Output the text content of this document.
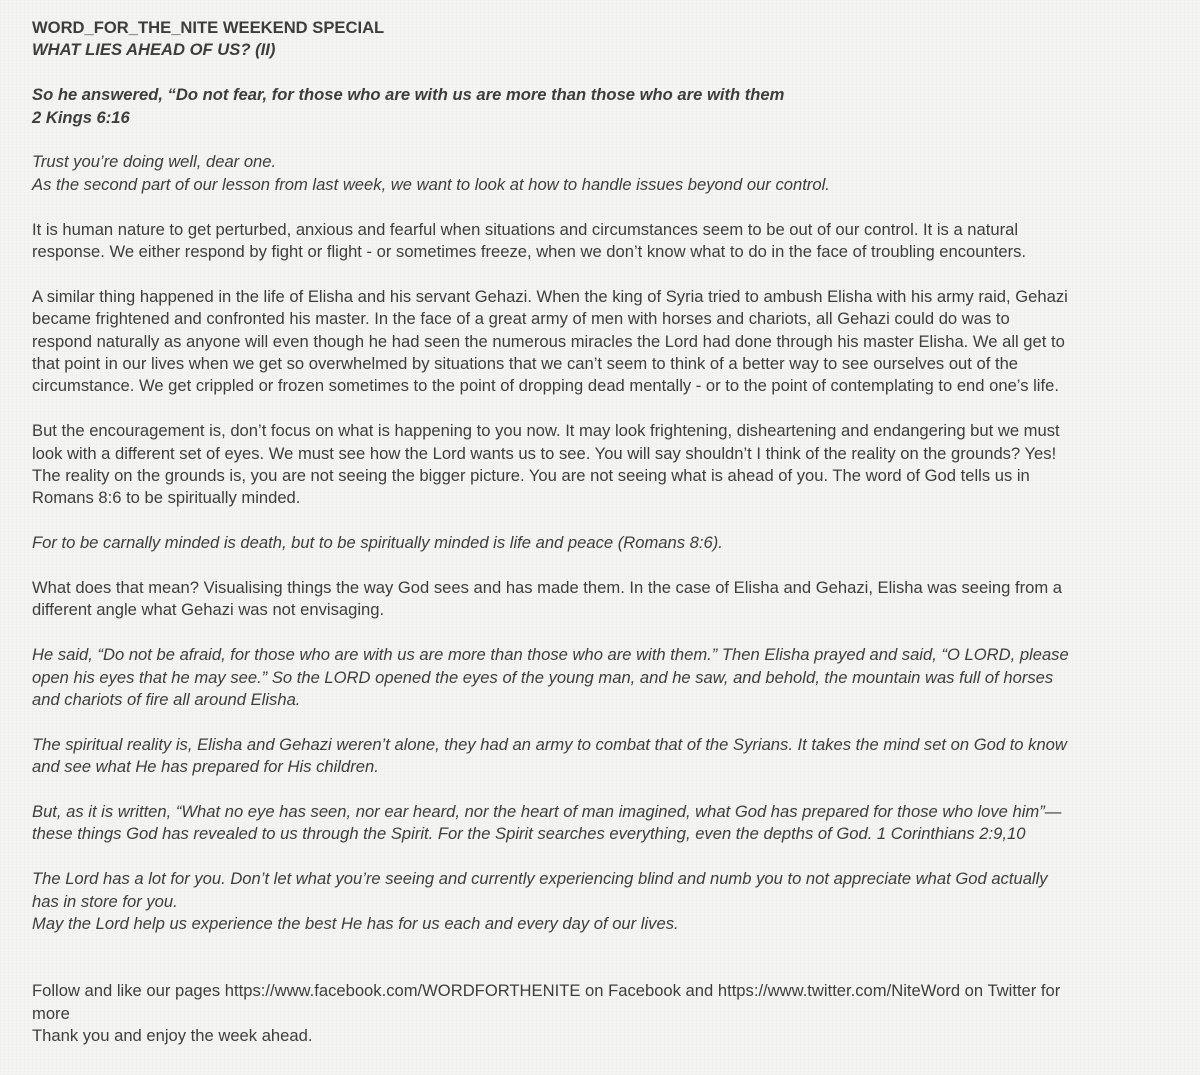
WORD_FOR_THE_NITE WEEKEND SPECIAL
WHAT LIES AHEAD OF US? (II)
So he answered, “Do not fear, for those who are with us are more than those who are with them
2 Kings 6:16
Trust you’re doing well, dear one.
As the second part of our lesson from last week, we want to look at how to handle issues beyond our control.
It is human nature to get perturbed, anxious and fearful when situations and circumstances seem to be out of our control. It is a natural
response. We either respond by fight or flight - or sometimes freeze, when we don’t know what to do in the face of troubling encounters.
A similar thing happened in the life of Elisha and his servant Gehazi. When the king of Syria tried to ambush Elisha with his army raid, Gehazi
became frightened and confronted his master. In the face of a great army of men with horses and chariots, all Gehazi could do was to
respond naturally as anyone will even though he had seen the numerous miracles the Lord had done through his master Elisha. We all get to
that point in our lives when we get so overwhelmed by situations that we can’t seem to think of a better way to see ourselves out of the
circumstance. We get crippled or frozen sometimes to the point of dropping dead mentally - or to the point of contemplating to end one’s life.
But the encouragement is, don’t focus on what is happening to you now. It may look frightening, disheartening and endangering but we must
look with a different set of eyes. We must see how the Lord wants us to see. You will say shouldn’t I think of the reality on the grounds? Yes!
The reality on the grounds is, you are not seeing the bigger picture. You are not seeing what is ahead of you. The word of God tells us in
Romans 8:6 to be spiritually minded.
For to be carnally minded is death, but to be spiritually minded is life and peace (Romans 8:6).
What does that mean? Visualising things the way God sees and has made them. In the case of Elisha and Gehazi, Elisha was seeing from a
different angle what Gehazi was not envisaging.
He said, “Do not be afraid, for those who are with us are more than those who are with them.” Then Elisha prayed and said, “O LORD, please
open his eyes that he may see.” So the LORD opened the eyes of the young man, and he saw, and behold, the mountain was full of horses
and chariots of fire all around Elisha.
The spiritual reality is, Elisha and Gehazi weren’t alone, they had an army to combat that of the Syrians. It takes the mind set on God to know
and see what He has prepared for His children.
But, as it is written, “What no eye has seen, nor ear heard, nor the heart of man imagined, what God has prepared for those who love him”—
these things God has revealed to us through the Spirit. For the Spirit searches everything, even the depths of God. 1 Corinthians 2:9,10
The Lord has a lot for you. Don’t let what you’re seeing and currently experiencing blind and numb you to not appreciate what God actually
has in store for you.
May the Lord help us experience the best He has for us each and every day of our lives.
Follow and like our pages https://www.facebook.com/WORDFORTHENITE on Facebook and https://www.twitter.com/NiteWord on Twitter for
more
Thank you and enjoy the week ahead.
